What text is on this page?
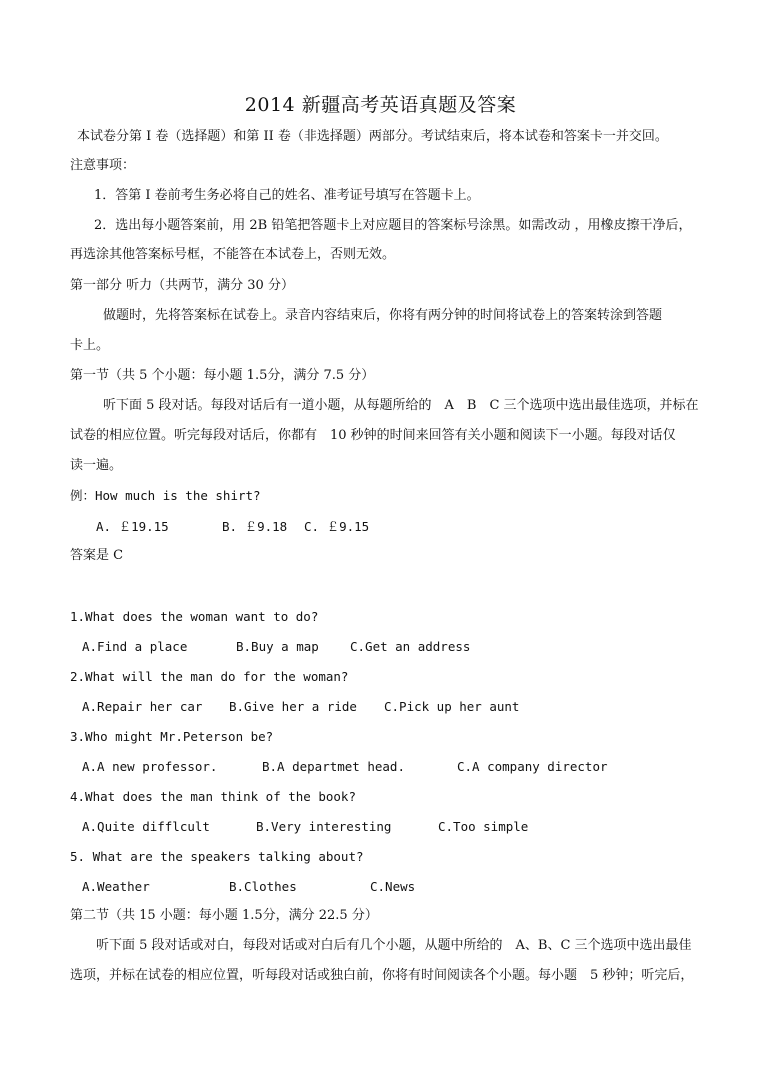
2014 新疆高考英语真题及答案
本试卷分第 I 卷（选择题）和第 II 卷（非选择题）两部分。考试结束后，将本试卷和答案卡一并交回。
注意事项：
1．答第 I 卷前考生务必将自己的姓名、准考证号填写在答题卡上。
2．选出每小题答案前，用 2B 铅笔把答题卡上对应题目的答案标号涂黑。如需改动 ，用橡皮擦干净后，
再选涂其他答案标号框，不能答在本试卷上，否则无效。
第一部分 听力（共两节，满分 30 分）
做题时，先将答案标在试卷上。录音内容结束后，你将有两分钟的时间将试卷上的答案转涂到答题
卡上。
第一节（共 5 个小题：每小题 1.5分，满分 7.5 分）
听下面 5 段对话。每段对话后有一道小题，从每题所给的　A　B　C 三个选项中选出最佳选项，并标在
试卷的相应位置。听完每段对话后，你都有　10 秒钟的时间来回答有关小题和阅读下一小题。每段对话仅
读一遍。
例：How much is the shirt?
A. ￡19.15	B. ￡9.18 C. ￡9.15
答案是 C
1.What does the woman want to do?
A.Find a place	B.Buy a map C.Get an address
2.What will the man do for the woman?
A.Repair her car B.Give her a ride C.Pick up her aunt
3.Who might Mr.Peterson be?
A.A new professor.	B.A departmet head.	C.A company director
4.What does the man think of the book?
A.Quite difflcult	B.Very interesting	C.Too simple
5. What are the speakers talking about?
A.Weather	B.Clothes	C.News
第二节（共 15 小题：每小题 1.5分，满分 22.5 分）
听下面 5 段对话或对白，每段对话或对白后有几个小题，从题中所给的　A、B、C 三个选项中选出最佳
选项，并标在试卷的相应位置，听每段对话或独白前，你将有时间阅读各个小题。每小题　5 秒钟；听完后，
